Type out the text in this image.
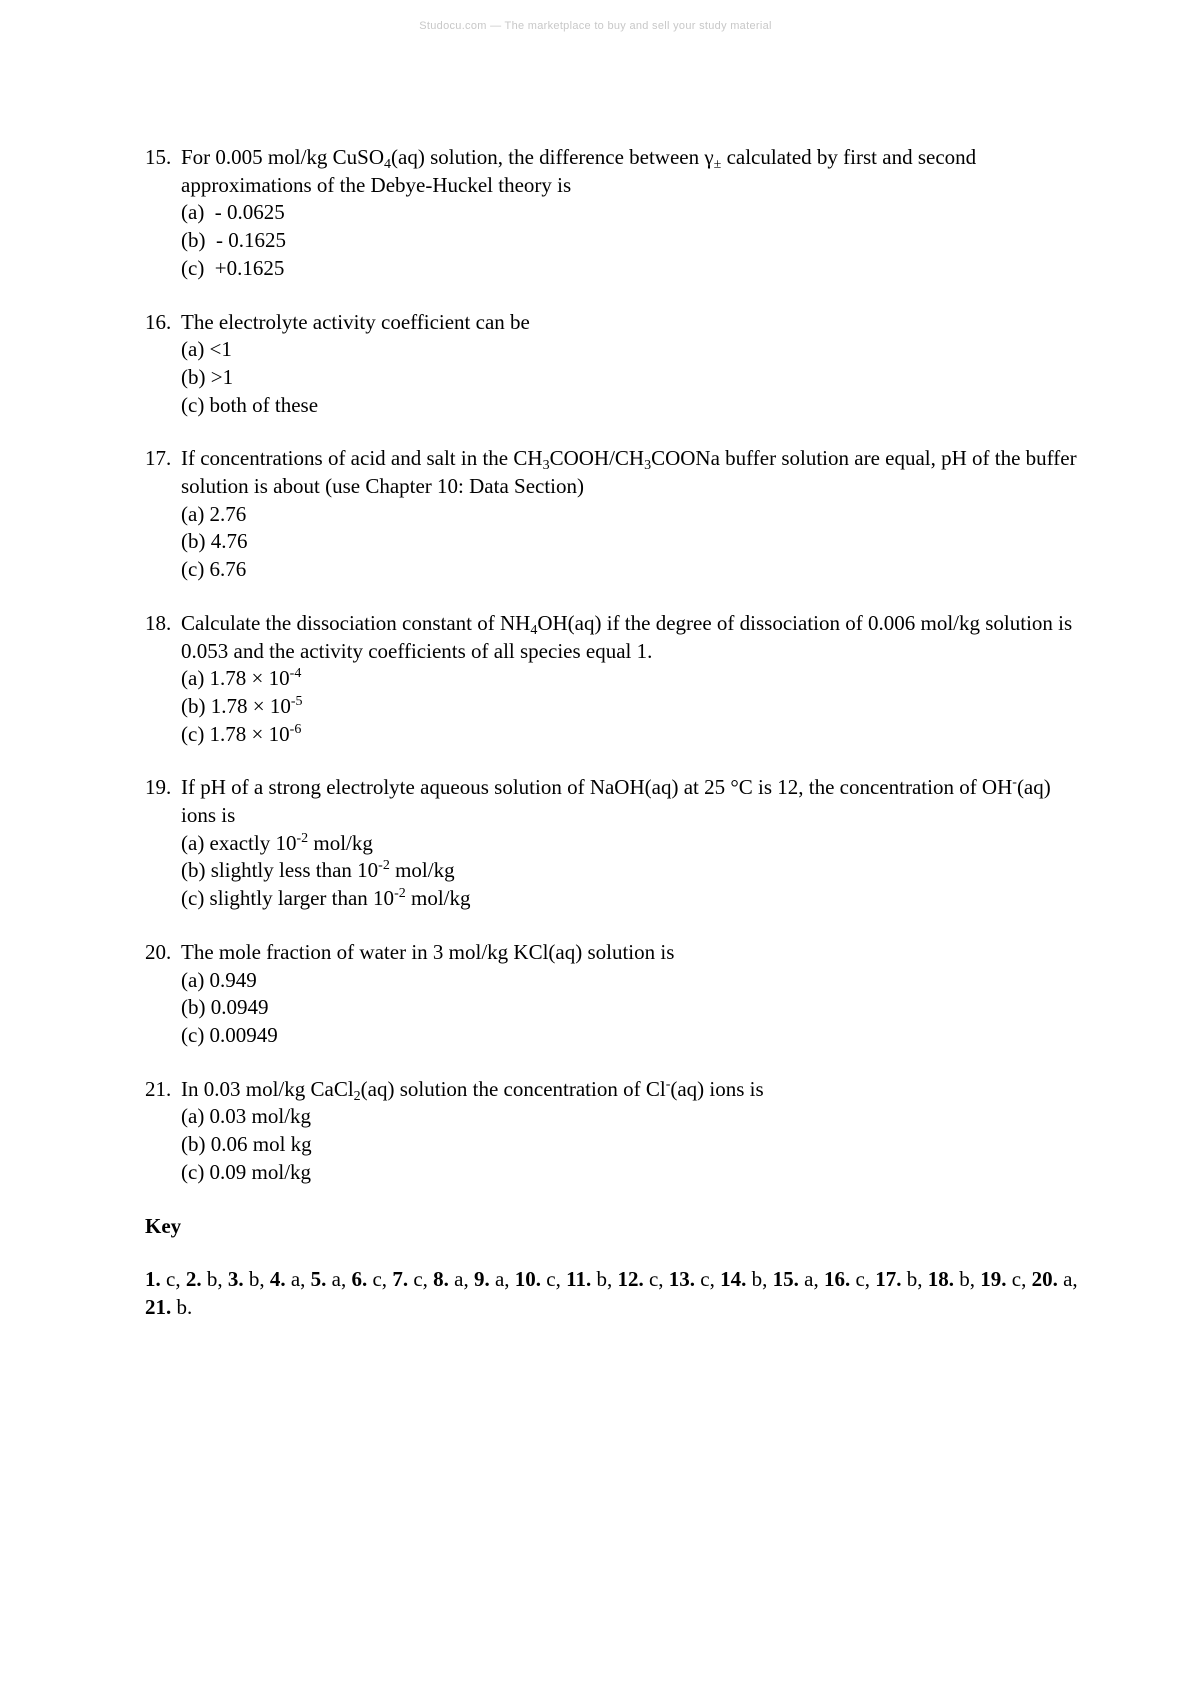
Studocu.com — The marketplace to buy and sell your study material
15. For 0.005 mol/kg CuSO$_4$(aq) solution, the difference between $\gamma_\pm$ calculated by first and second approximations of the Debye-Huckel theory is
(a)  - 0.0625
(b)  - 0.1625
(c)  +0.1625
16. The electrolyte activity coefficient can be
(a) <1
(b) >1
(c) both of these
17. If concentrations of acid and salt in the $CH_3COOH/CH_3COONa$ buffer solution are equal, pH of the buffer solution is about (use Chapter 10: Data Section)
(a) 2.76
(b) 4.76
(c) 6.76
18. Calculate the dissociation constant of $NH_4OH(aq)$ if the degree of dissociation of 0.006 mol/kg solution is 0.053 and the activity coefficients of all species equal 1.
(a) $1.78 \times 10^{-4}$
(b) $1.78 \times 10^{-5}$
(c) $1.78 \times 10^{-6}$
19. If pH of a strong electrolyte aqueous solution of NaOH(aq) at 25 °C is 12, the concentration of OH-(aq) ions is
(a) exactly $10^{-2}$ mol/kg
(b) slightly less than $10^{-2}$ mol/kg
(c) slightly larger than $10^{-2}$ mol/kg
20. The mole fraction of water in 3 mol/kg KCl(aq) solution is
(a) 0.949
(b) 0.0949
(c) 0.00949
21. In 0.03 mol/kg CaCl$_2$(aq) solution the concentration of Cl-(aq) ions is
(a) 0.03 mol/kg
(b) 0.06 mol kg
(c) 0.09 mol/kg
Key
1. c, 2. b, 3. b, 4. a, 5. a, 6. c, 7. c, 8. a, 9. a, 10. c, 11. b, 12. c, 13. c, 14. b, 15. a, 16. c, 17. b, 18. b, 19. c, 20. a, 21. b.
